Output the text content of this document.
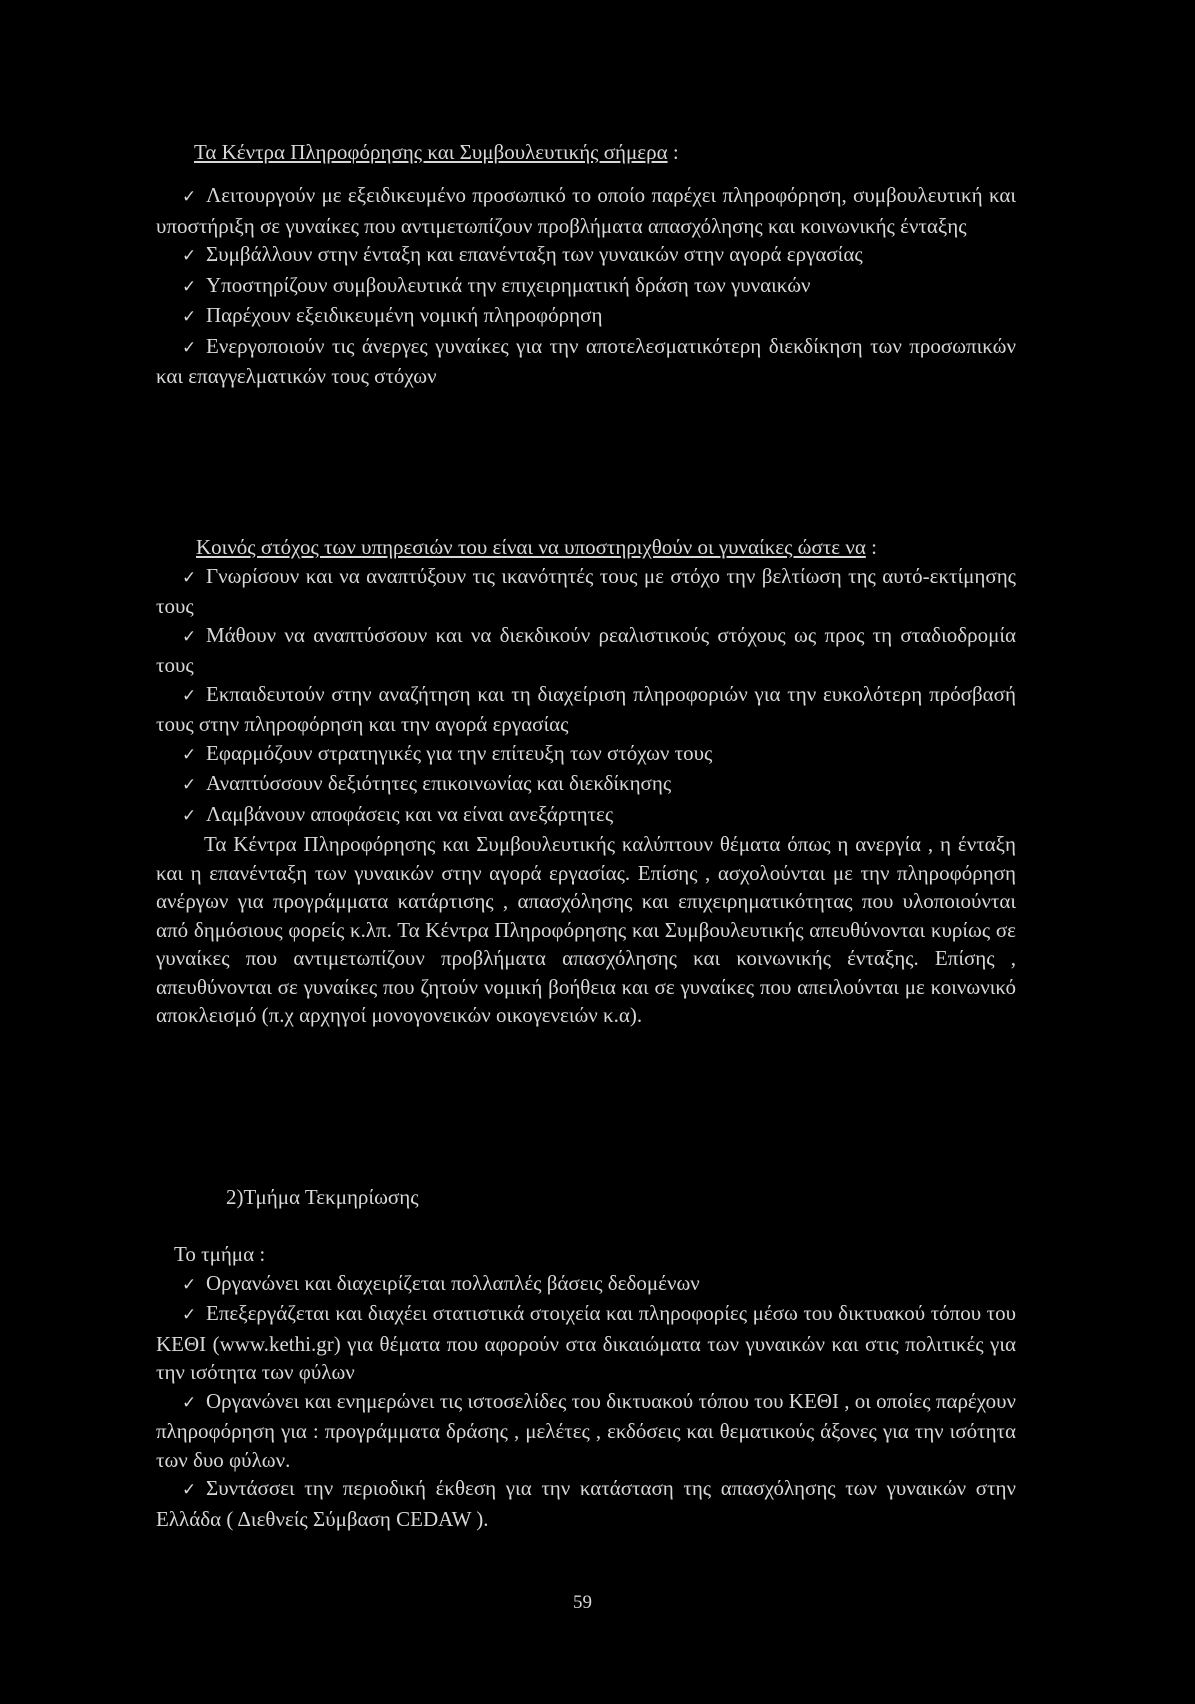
Τα Κέντρα Πληροφόρησης και Συμβουλευτικής σήμερα :
✓ Λειτουργούν με εξειδικευμένο προσωπικό το οποίο παρέχει πληροφόρηση, συμβουλευτική και υποστήριξη σε γυναίκες που αντιμετωπίζουν προβλήματα απασχόλησης και κοινωνικής ένταξης
✓ Συμβάλλουν στην ένταξη και επανένταξη των γυναικών στην αγορά εργασίας
✓ Υποστηρίζουν συμβουλευτικά την επιχειρηματική δράση των γυναικών
✓ Παρέχουν εξειδικευμένη νομική πληροφόρηση
✓ Ενεργοποιούν τις άνεργες γυναίκες για την αποτελεσματικότερη διεκδίκηση των προσωπικών και επαγγελματικών τους στόχων

Κοινός στόχος των υπηρεσιών του είναι να υποστηριχθούν οι γυναίκες ώστε να :

✓ Γνωρίσουν και να αναπτύξουν τις ικανότητές τους με στόχο την βελτίωση της αυτό-εκτίμησης τους
✓ Μάθουν να αναπτύσσουν και να διεκδικούν ρεαλιστικούς στόχους ως προς τη σταδιοδρομία τους
✓ Εκπαιδευτούν στην αναζήτηση και τη διαχείριση πληροφοριών για την ευκολότερη πρόσβασή τους στην πληροφόρηση και την αγορά εργασίας
✓ Εφαρμόζουν στρατηγικές για την επίτευξη των στόχων τους
✓ Αναπτύσσουν δεξιότητες επικοινωνίας και διεκδίκησης
✓ Λαμβάνουν αποφάσεις και να είναι ανεξάρτητες

Τα Κέντρα Πληροφόρησης και Συμβουλευτικής καλύπτουν θέματα όπως η ανεργία , η ένταξη και η επανένταξη των γυναικών στην αγορά εργασίας. Επίσης , ασχολούνται με την πληροφόρηση ανέργων για προγράμματα κατάρτισης , απασχόλησης και επιχειρηματικότητας που υλοποιούνται από δημόσιους φορείς κ.λπ. Τα Κέντρα Πληροφόρησης και Συμβουλευτικής απευθύνονται κυρίως σε γυναίκες που αντιμετωπίζουν προβλήματα απασχόλησης και κοινωνικής ένταξης. Επίσης , απευθύνονται σε γυναίκες που ζητούν νομική βοήθεια και σε γυναίκες που απειλούνται με κοινωνικό αποκλεισμό (π.χ αρχηγοί μονογονεικών οικογενειών κ.α).

2)Τμήμα Τεκμηρίωσης

Το τμήμα :

✓ Οργανώνει και διαχειρίζεται πολλαπλές βάσεις δεδομένων
✓ Επεξεργάζεται και διαχέει στατιστικά στοιχεία και πληροφορίες μέσω του δικτυακού τόπου του ΚΕΘΙ (www.kethi.gr) για θέματα που αφορούν στα δικαιώματα των γυναικών και στις πολιτικές για την ισότητα των φύλων
✓ Οργανώνει και ενημερώνει τις ιστοσελίδες του δικτυακού τόπου του ΚΕΘΙ , οι οποίες παρέχουν πληροφόρηση για : προγράμματα δράσης , μελέτες , εκδόσεις και θεματικούς άξονες για την ισότητα των δυο φύλων.
✓ Συντάσσει την περιοδική έκθεση για την κατάσταση της απασχόλησης των γυναικών στην Ελλάδα ( Διεθνείς Σύμβαση CEDAW ).
59
